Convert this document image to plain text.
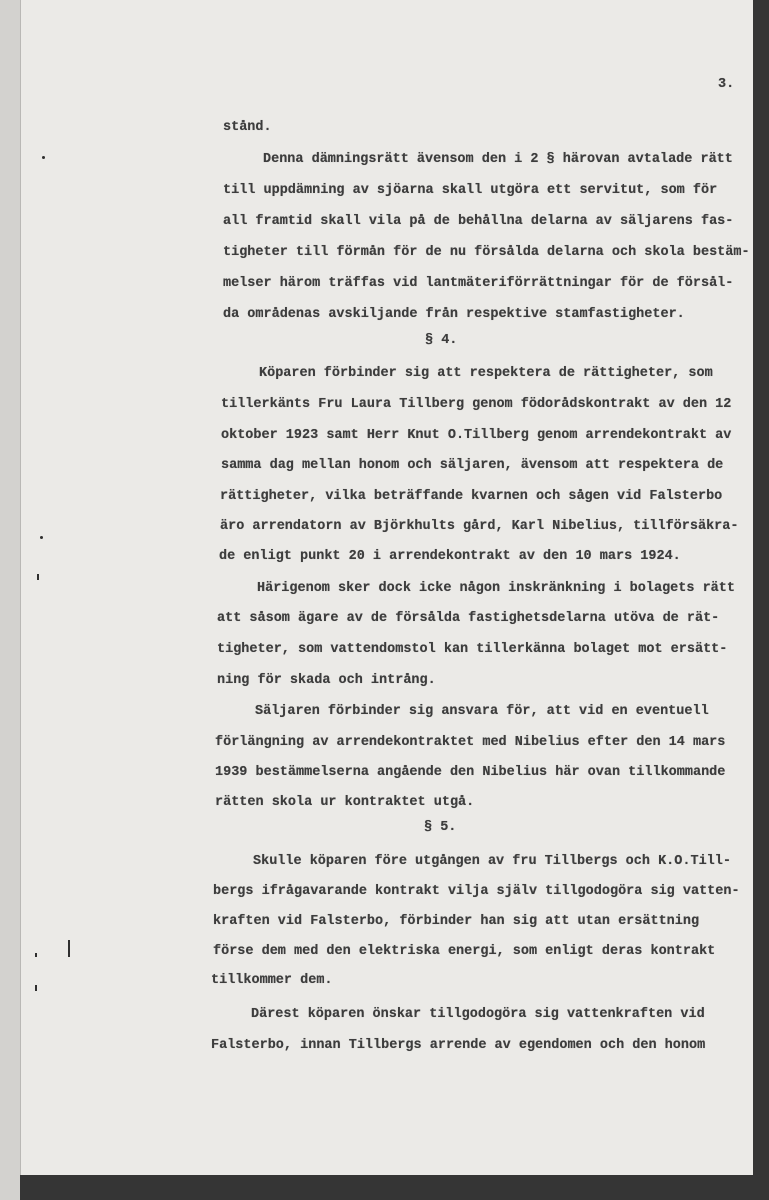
3.
stånd.
Denna dämningsrätt ävensom den i 2 § härovan avtalade rätt
till uppdämning av sjöarna skall utgöra ett servitut, som för
all framtid skall vila på de behållna delarna av säljarens fas-
tigheter till förmån för de nu försålda delarna och skola bestäm-
melser härom träffas vid lantmäteriförrättningar för de försål-
da områdenas avskiljande från respektive stamfastigheter.
§ 4.
Köparen förbinder sig att respektera de rättigheter, som
tillerkänts Fru Laura Tillberg genom födorådskontrakt av den 12
oktober 1923 samt Herr Knut O.Tillberg genom arrendekontrakt av
samma dag mellan honom och säljaren, ävensom att respektera de
rättigheter, vilka beträffande kvarnen och sågen vid Falsterbo
äro arrendatorn av Björkhults gård, Karl Nibelius, tillförsäkra-
de enligt punkt 20 i arrendekontrakt av den 10 mars 1924.
Härigenom sker dock icke någon inskränkning i bolagets rätt
att såsom ägare av de försålda fastighetsdelarna utöva de rät-
tigheter, som vattendomstol kan tillerkänna bolaget mot ersätt-
ning för skada och intrång.
Säljaren förbinder sig ansvara för, att vid en eventuell
förlängning av arrendekontraktet med Nibelius efter den 14 mars
1939 bestämmelserna angående den Nibelius här ovan tillkommande
rätten skola ur kontraktet utgå.
§ 5.
Skulle köparen före utgången av fru Tillbergs och K.O.Till-
bergs ifrågavarande kontrakt vilja själv tillgodogöra sig vatten-
kraften vid Falsterbo, förbinder han sig att utan ersättning
förse dem med den elektriska energi, som enligt deras kontrakt
tillkommer dem.
Därest köparen önskar tillgodogöra sig vattenkraften vid
Falsterbo, innan Tillbergs arrende av egendomen och den honom
